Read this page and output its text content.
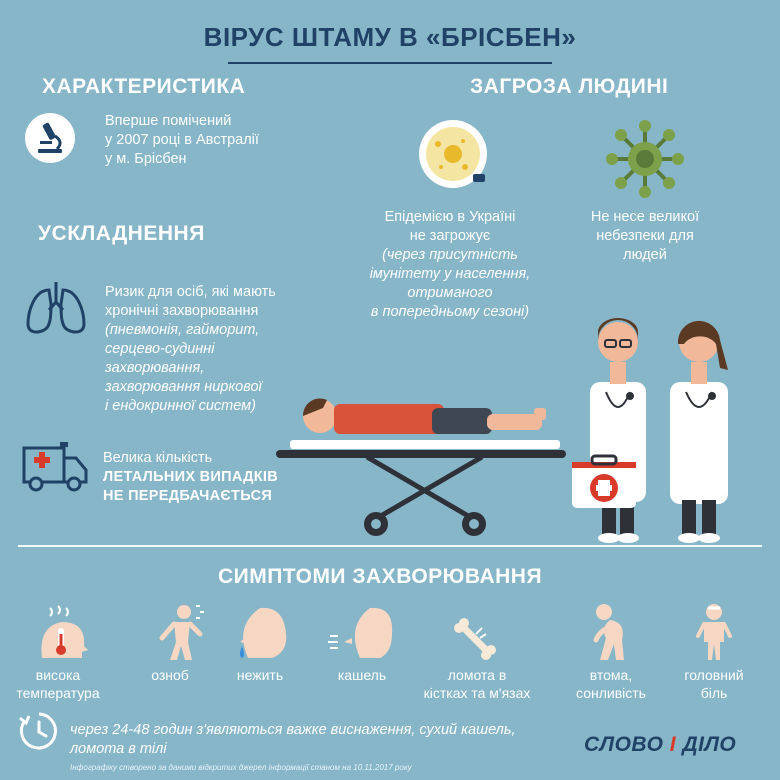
ВІРУС ШТАМУ В «БРІСБЕН»
ХАРАКТЕРИСТИКА
Вперше помічений
у 2007 році в Австралії
у м. Брісбен
ЗАГРОЗА ЛЮДИНІ
Епідемією в Україні
не загрожує
(через присутність
імунітету у населення,
отриманого
в попередньому сезоні)
Не несе великої
небезпеки для
людей
УСКЛАДНЕННЯ
Ризик для осіб, які мають
хронічні захворювання
(пневмонія, гайморит,
серцево-судинні
захворювання,
захворювання ниркової
і ендокринної систем)
Велика кількість
ЛЕТАЛЬНИХ ВИПАДКІВ
НЕ ПЕРЕДБАЧАЄТЬСЯ
СИМПТОМИ ЗАХВОРЮВАННЯ
висока
температура
озноб	нежить	кашель	ломота в
кістках та м'язах
втома,
сонливість
головний
біль
через 24-48 годин з'являються важке виснаження, сухий кашель,
ломота в тілі	СЛОВО І ДІЛО
Інфографіку створено за даними відкритих джерел інформації станом на 10.11.2017 року
